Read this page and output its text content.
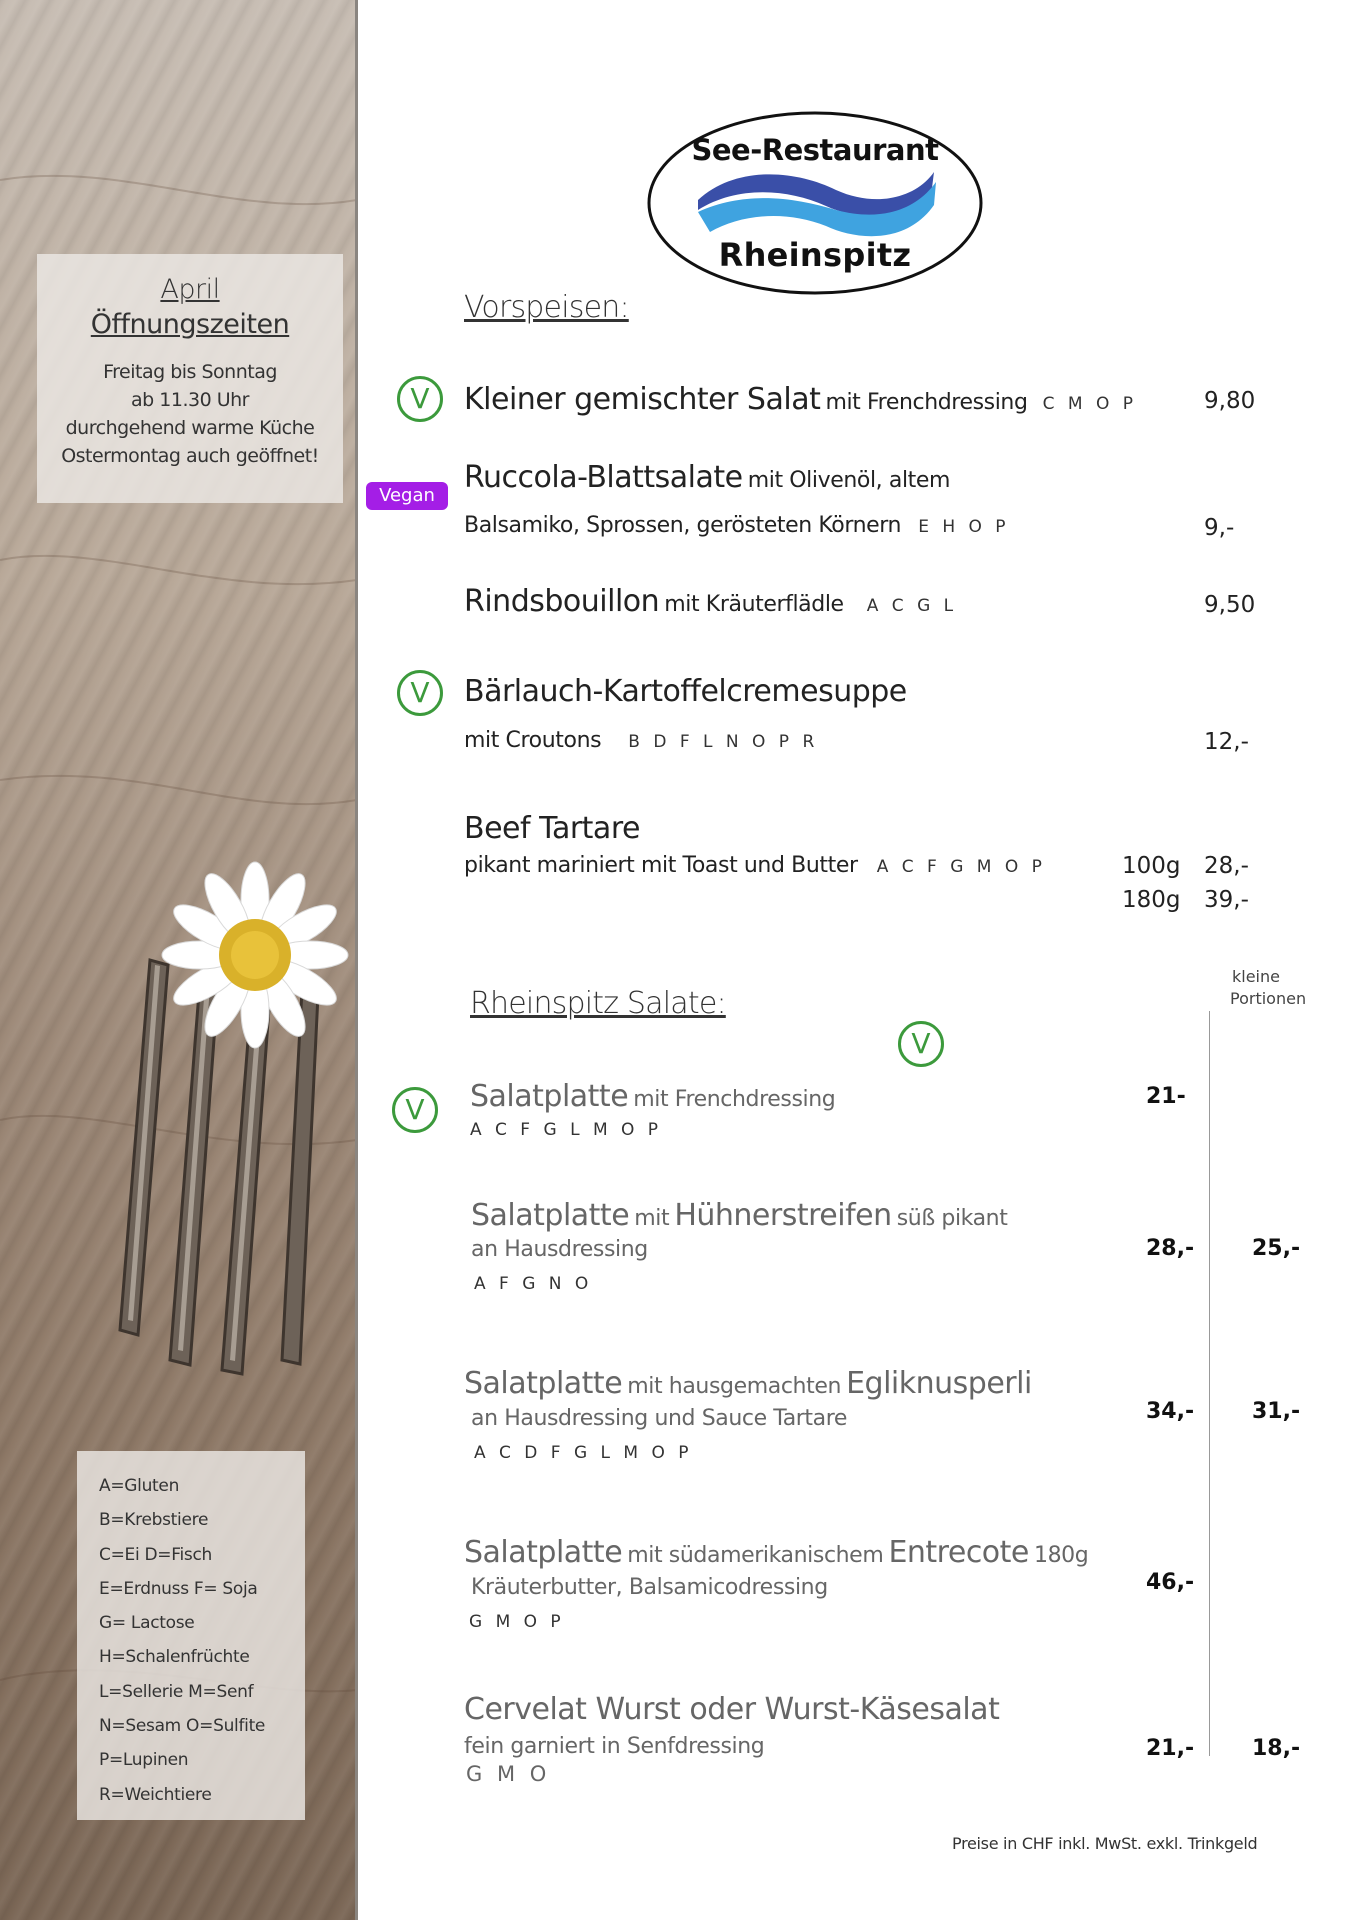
April
Öffnungszeiten
Freitag bis Sonntag
ab 11.30 Uhr
durchgehend warme Küche
Ostermontag auch geöffnet!
A=Gluten
B=Krebstiere
C=Ei D=Fisch
E=Erdnuss F= Soja
G= Lactose
H=Schalenfrüchte
L=Sellerie M=Senf
N=Sesam O=Sulfite
P=Lupinen
R=Weichtiere
See-Restaurant
Rheinspitz
Vorspeisen:
V	Kleiner gemischter Salat mit Frenchdressing C M O P	9,80
Vegan
Ruccola-Blattsalate mit Olivenöl, altem
Balsamiko, Sprossen, gerösteten Körnern E H O P	9,-
Rindsbouillon mit Kräuterflädle A C G L	9,50
V	Bärlauch-Kartoffelcremesuppe
mit Croutons B D F L N O P R	12,-
Beef Tartare
pikant mariniert mit Toast und Butter A C F G M O P	100g 28,-
180g 39,-
kleine
Portionen
Rheinspitz Salate:
V
V	Salatplatte mit Frenchdressing
A C F G L M O P
21-
Salatplatte mit Hühnerstreifen süß pikant
an Hausdressing
A F G N O
28,-	25,-
Salatplatte mit hausgemachten Egliknusperli
an Hausdressing und Sauce Tartare
A C D F G L M O P
34,-	31,-
Salatplatte mit südamerikanischem Entrecote 180g
Kräuterbutter, Balsamicodressing
G M O P
46,-
Cervelat Wurst oder Wurst-Käsesalat
fein garniert in Senfdressing
G M O
21,-	18,-
Preise in CHF inkl. MwSt. exkl. Trinkgeld
